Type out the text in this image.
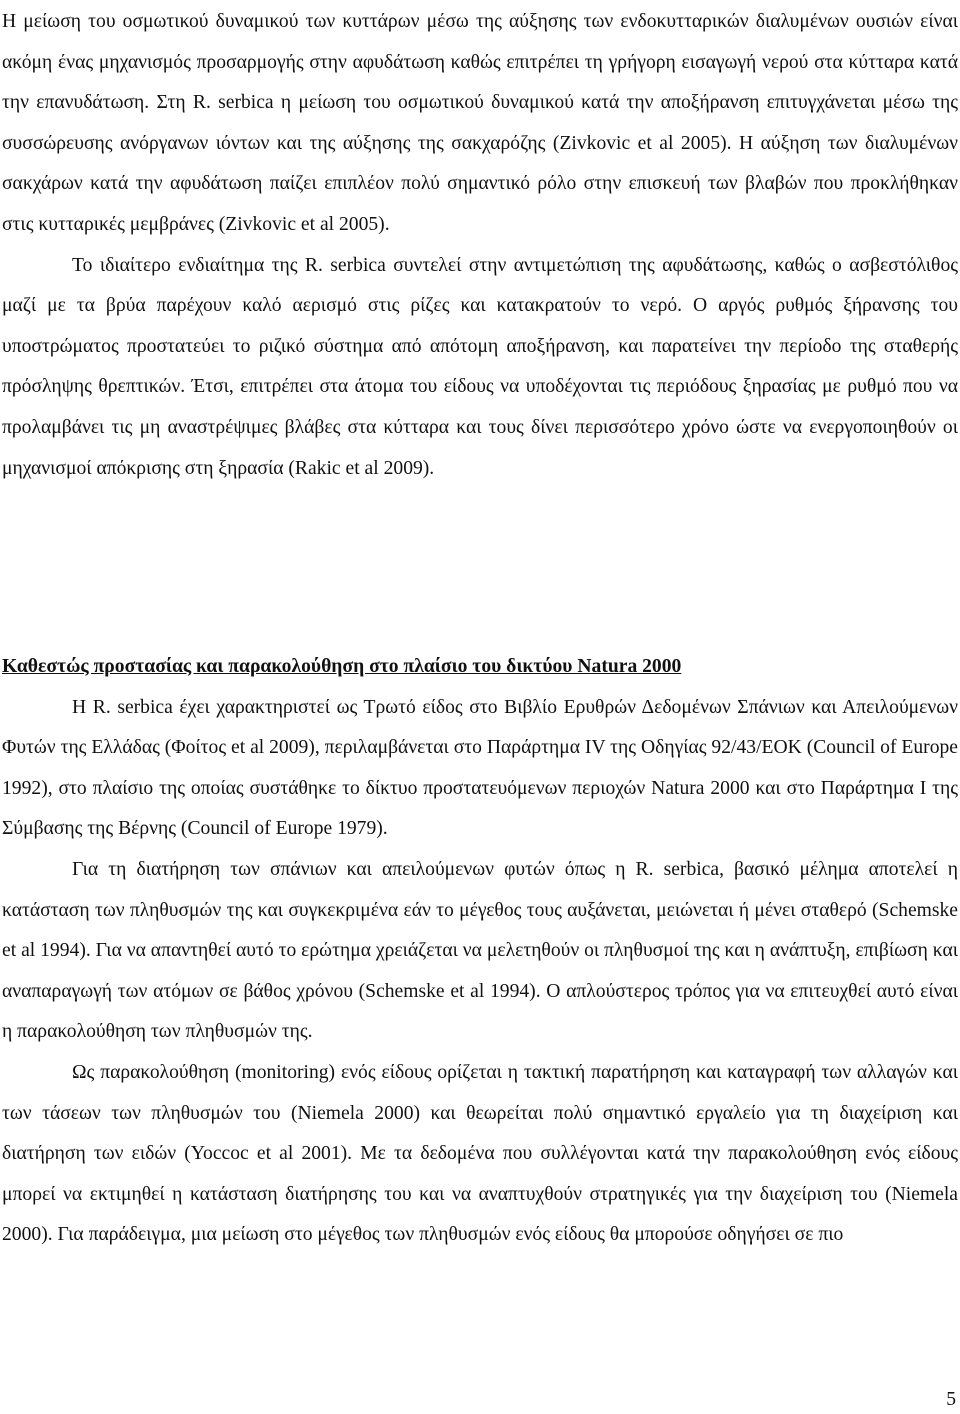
Η μείωση του οσμωτικού δυναμικού των κυττάρων μέσω της αύξησης των ενδοκυτταρικών διαλυμένων ουσιών είναι ακόμη ένας μηχανισμός προσαρμογής στην αφυδάτωση καθώς επιτρέπει τη γρήγορη εισαγωγή νερού στα κύτταρα κατά την επανυδάτωση. Στη R. serbica η μείωση του οσμωτικού δυναμικού κατά την αποξήρανση επιτυγχάνεται μέσω της συσσώρευσης ανόργανων ιόντων και της αύξησης της σακχαρόζης (Zivkovic et al 2005). Η αύξηση των διαλυμένων σακχάρων κατά την αφυδάτωση παίζει επιπλέον πολύ σημαντικό ρόλο στην επισκευή των βλαβών που προκλήθηκαν στις κυτταρικές μεμβράνες (Zivkovic et al 2005).

Το ιδιαίτερο ενδιαίτημα της R. serbica συντελεί στην αντιμετώπιση της αφυδάτωσης, καθώς ο ασβεστόλιθος μαζί με τα βρύα παρέχουν καλό αερισμό στις ρίζες και κατακρατούν το νερό. Ο αργός ρυθμός ξήρανσης του υποστρώματος προστατεύει το ριζικό σύστημα από απότομη αποξήρανση, και παρατείνει την περίοδο της σταθερής πρόσληψης θρεπτικών. Έτσι, επιτρέπει στα άτομα του είδους να υποδέχονται τις περιόδους ξηρασίας με ρυθμό που να προλαμβάνει τις μη αναστρέψιμες βλάβες στα κύτταρα και τους δίνει περισσότερο χρόνο ώστε να ενεργοποιηθούν οι μηχανισμοί απόκρισης στη ξηρασία (Rakic et al 2009).

Καθεστώς προστασίας και παρακολούθηση στο πλαίσιο του δικτύου Natura 2000

Η R. serbica έχει χαρακτηριστεί ως Τρωτό είδος στο Βιβλίο Ερυθρών Δεδομένων Σπάνιων και Απειλούμενων Φυτών της Ελλάδας (Φοίτος et al 2009), περιλαμβάνεται στο Παράρτημα IV της Οδηγίας 92/43/ΕΟΚ (Council of Europe 1992), στο πλαίσιο της οποίας συστάθηκε το δίκτυο προστατευόμενων περιοχών Natura 2000 και στο Παράρτημα Ι της Σύμβασης της Βέρνης (Council of Europe 1979).

Για τη διατήρηση των σπάνιων και απειλούμενων φυτών όπως η R. serbica, βασικό μέλημα αποτελεί η κατάσταση των πληθυσμών της και συγκεκριμένα εάν το μέγεθος τους αυξάνεται, μειώνεται ή μένει σταθερό (Schemske et al 1994). Για να απαντηθεί αυτό το ερώτημα χρειάζεται να μελετηθούν οι πληθυσμοί της και η ανάπτυξη, επιβίωση και αναπαραγωγή των ατόμων σε βάθος χρόνου (Schemske et al 1994). Ο απλούστερος τρόπος για να επιτευχθεί αυτό είναι η παρακολούθηση των πληθυσμών της.

Ως παρακολούθηση (monitoring) ενός είδους ορίζεται η τακτική παρατήρηση και καταγραφή των αλλαγών και των τάσεων των πληθυσμών του (Niemela 2000) και θεωρείται πολύ σημαντικό εργαλείο για τη διαχείριση και διατήρηση των ειδών (Yoccoc et al 2001). Με τα δεδομένα που συλλέγονται κατά την παρακολούθηση ενός είδους μπορεί να εκτιμηθεί η κατάσταση διατήρησης του και να αναπτυχθούν στρατηγικές για την διαχείριση του (Niemela 2000). Για παράδειγμα, μια μείωση στο μέγεθος των πληθυσμών ενός είδους θα μπορούσε οδηγήσει σε πιο

5
